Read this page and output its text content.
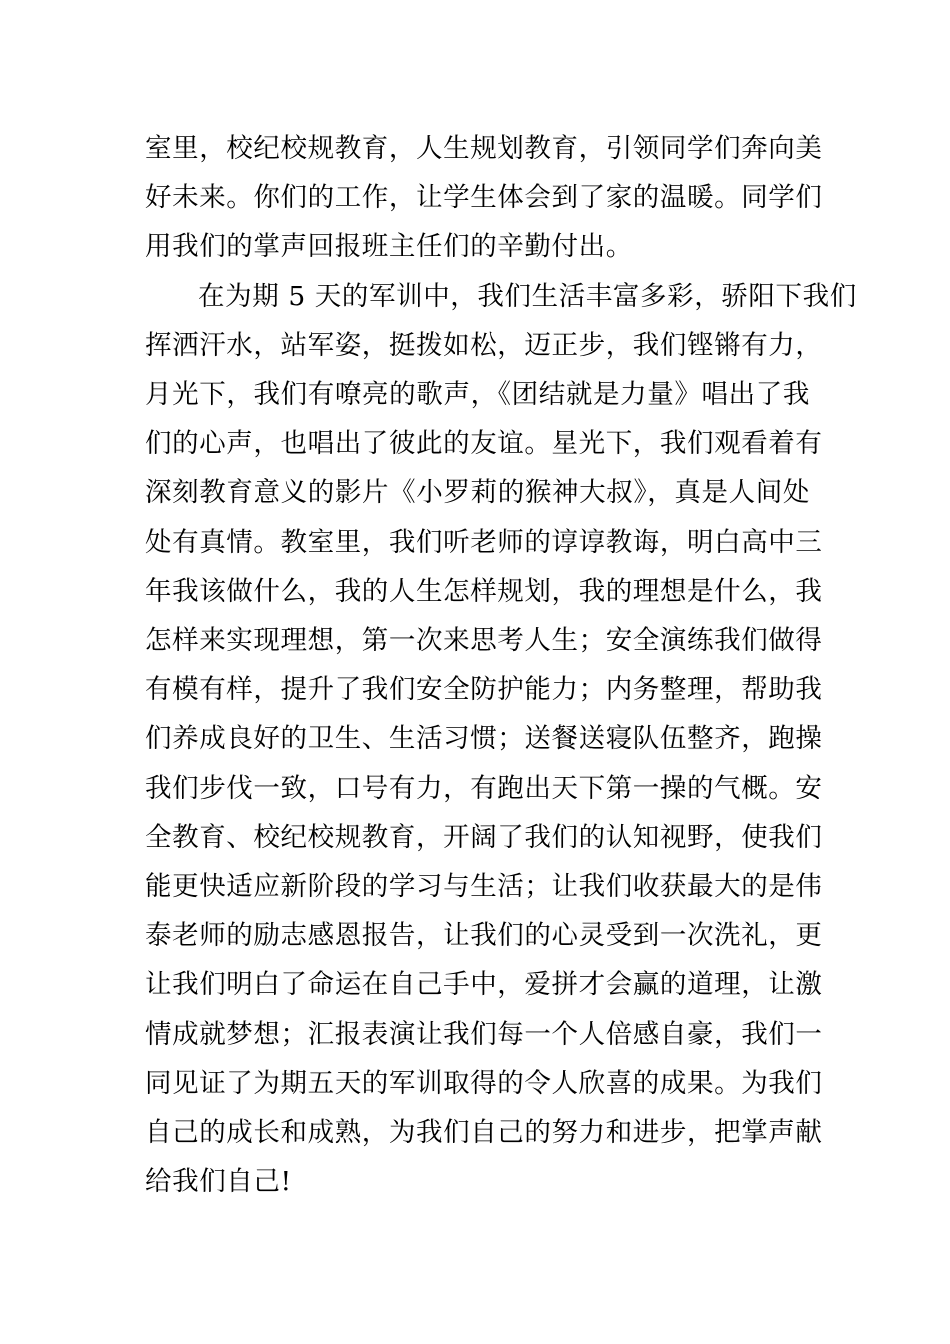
室里，校纪校规教育，人生规划教育，引领同学们奔向美
好未来。你们的工作，让学生体会到了家的温暖。同学们
用我们的掌声回报班主任们的辛勤付出。
在为期 5 天的军训中，我们生活丰富多彩，骄阳下我们
挥洒汗水，站军姿，挺拨如松，迈正步，我们铿锵有力，
月光下，我们有嘹亮的歌声，《团结就是力量》唱出了我
们的心声，也唱出了彼此的友谊。星光下，我们观看着有
深刻教育意义的影片《小罗莉的猴神大叔》，真是人间处
处有真情。教室里，我们听老师的谆谆教诲，明白高中三
年我该做什么，我的人生怎样规划，我的理想是什么，我
怎样来实现理想，第一次来思考人生；安全演练我们做得
有模有样，提升了我们安全防护能力；内务整理，帮助我
们养成良好的卫生、生活习惯；送餐送寝队伍整齐，跑操
我们步伐一致，口号有力，有跑出天下第一操的气概。安
全教育、校纪校规教育，开阔了我们的认知视野，使我们
能更快适应新阶段的学习与生活；让我们收获最大的是伟
泰老师的励志感恩报告，让我们的心灵受到一次洗礼，更
让我们明白了命运在自己手中，爱拼才会赢的道理，让激
情成就梦想；汇报表演让我们每一个人倍感自豪，我们一
同见证了为期五天的军训取得的令人欣喜的成果。为我们
自己的成长和成熟，为我们自己的努力和进步，把掌声献
给我们自己!
